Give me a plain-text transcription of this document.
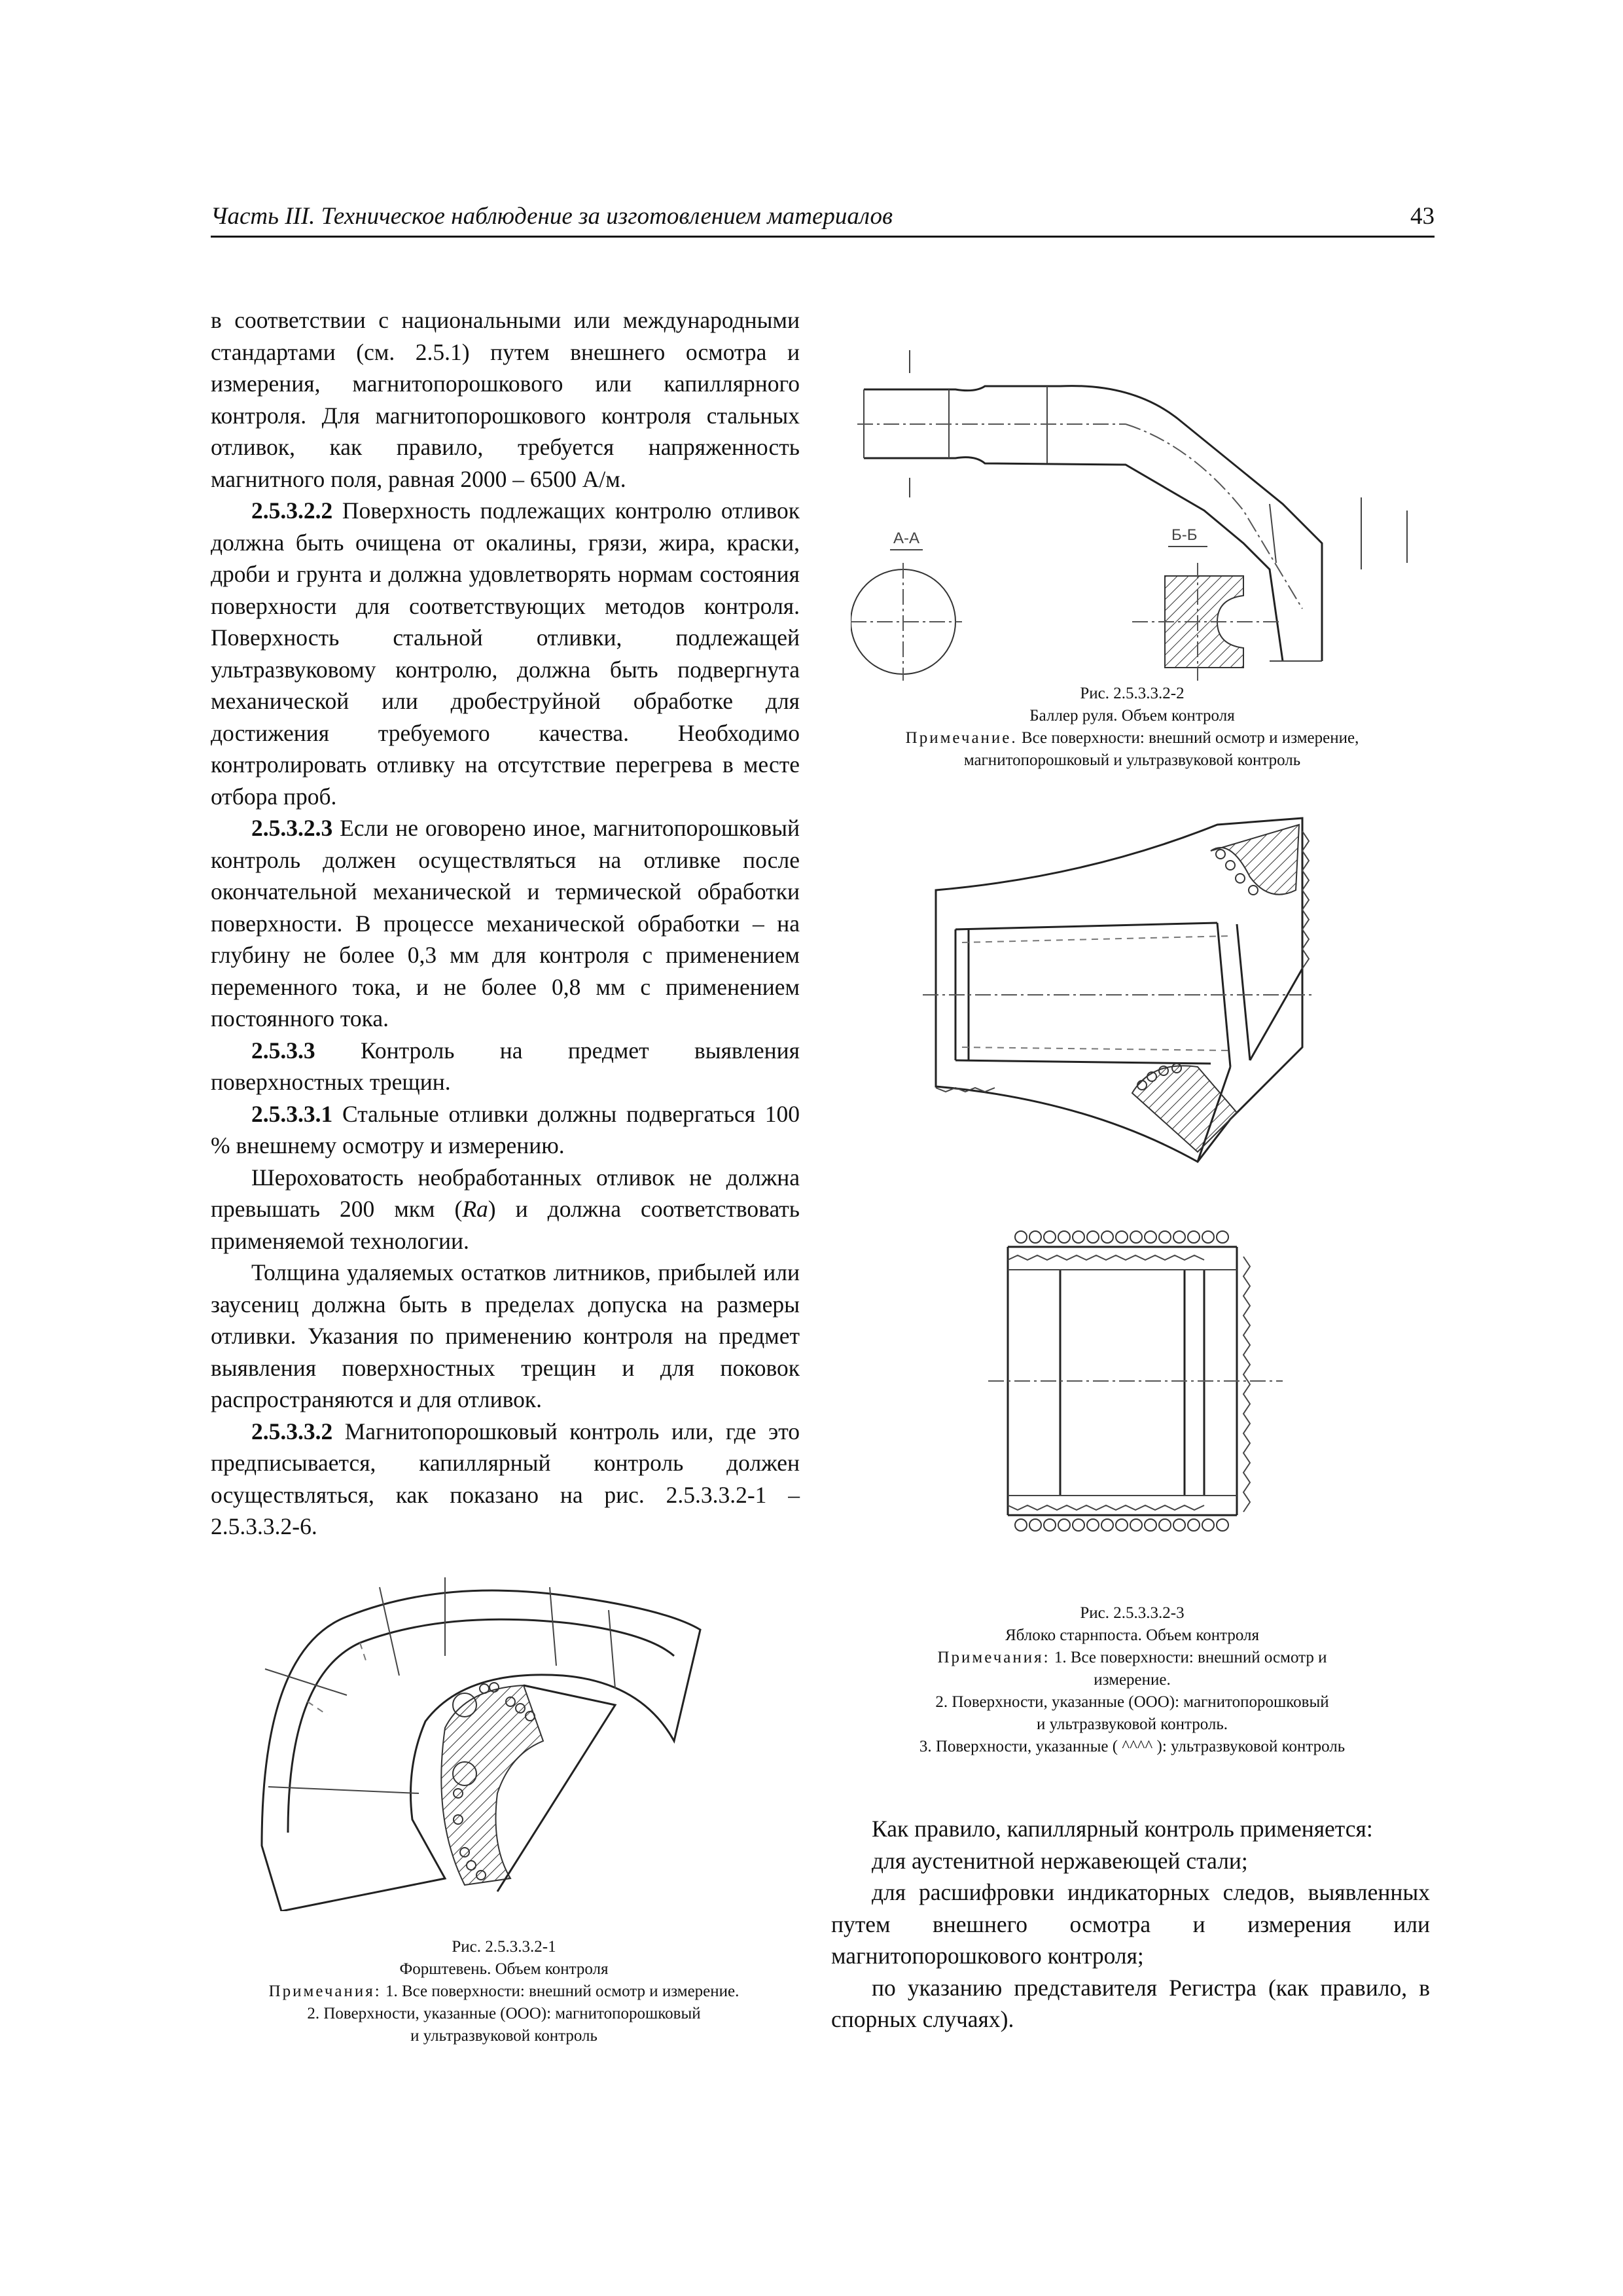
Часть III. Техническое наблюдение за изготовлением материалов	43

в соответствии с национальными или международными стандартами (см. 2.5.1) путем внешнего осмотра и измерения, магнитопорошкового или капиллярного контроля. Для магнитопорошкового контроля стальных отливок, как правило, требуется напряженность магнитного поля, равная 2000 – 6500 А/м.

2.5.3.2.2 Поверхность подлежащих контролю отливок должна быть очищена от окалины, грязи, жира, краски, дроби и грунта и должна удовлетворять нормам состояния поверхности для соответствующих методов контроля. Поверхность стальной отливки, подлежащей ультразвуковому контролю, должна быть подвергнута механической или дробеструйной обработке для достижения требуемого качества. Необходимо контролировать отливку на отсутствие перегрева в месте отбора проб.

2.5.3.2.3 Если не оговорено иное, магнитопорошковый контроль должен осуществляться на отливке после окончательной механической и термической обработки поверхности. В процессе механической обработки – на глубину не более 0,3 мм для контроля с применением переменного тока, и не более 0,8 мм с применением постоянного тока.

2.5.3.3 Контроль на предмет выявления поверхностных трещин.

2.5.3.3.1 Стальные отливки должны подвергаться 100 % внешнему осмотру и измерению.

Шероховатость необработанных отливок не должна превышать 200 мкм (Ra) и должна соответствовать применяемой технологии.

Толщина удаляемых остатков литников, прибылей или заусениц должна быть в пределах допуска на размеры отливки. Указания по применению контроля на предмет выявления поверхностных трещин и для поковок распространяются и для отливок.

2.5.3.3.2 Магнитопорошковый контроль или, где это предписывается, капиллярный контроль должен осуществляться, как показано на рис. 2.5.3.3.2-1 – 2.5.3.3.2-6.

A-A	Б-Б

Рис. 2.5.3.3.2-2

Баллер руля. Объем контроля

Примечание. Все поверхности: внешний осмотр и измерение,

магнитопорошковый и ультразвуковой контроль

Рис. 2.5.3.3.2-3

Яблоко старнпоста. Объем контроля

Примечания: 1. Все поверхности: внешний осмотр и

измерение.

2. Поверхности, указанные (ООО): магнитопорошковый

и ультразвуковой контроль.

3. Поверхности, указанные ( ^^^^ ): ультразвуковой контроль

Как правило, капиллярный контроль применяется:

для аустенитной нержавеющей стали;

для расшифровки индикаторных следов, выявленных путем внешнего осмотра и измерения или магнитопорошкового контроля;

по указанию представителя Регистра (как правило, в спорных случаях).

Рис. 2.5.3.3.2-1

Форштевень. Объем контроля

Примечания: 1. Все поверхности: внешний осмотр и измерение.

2. Поверхности, указанные (ООО): магнитопорошковый

и ультразвуковой контроль
